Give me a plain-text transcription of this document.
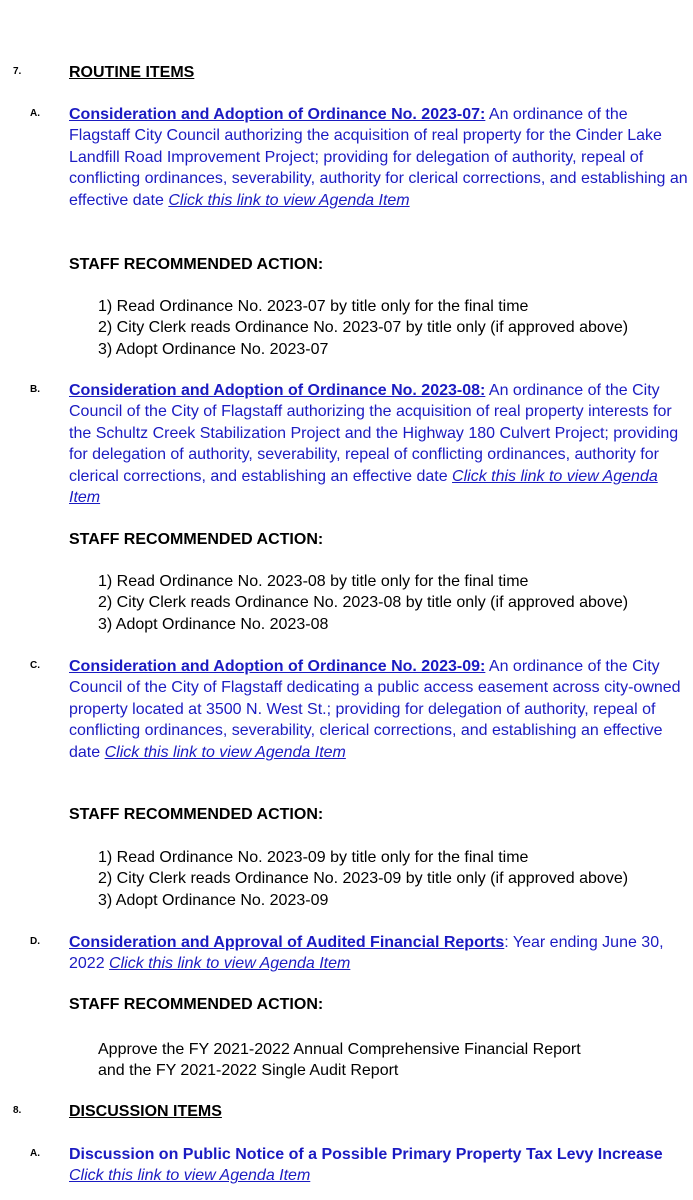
7.	ROUTINE ITEMS
A. Consideration and Adoption of Ordinance No. 2023-07: An ordinance of the Flagstaff City Council authorizing the acquisition of real property for the Cinder Lake Landfill Road Improvement Project; providing for delegation of authority, repeal of conflicting ordinances, severability, authority for clerical corrections, and establishing an effective date Click this link to view Agenda Item
STAFF RECOMMENDED ACTION:
1) Read Ordinance No. 2023-07 by title only for the final time
2) City Clerk reads Ordinance No. 2023-07 by title only (if approved above)
3) Adopt Ordinance No. 2023-07
B. Consideration and Adoption of Ordinance No. 2023-08: An ordinance of the City Council of the City of Flagstaff authorizing the acquisition of real property interests for the Schultz Creek Stabilization Project and the Highway 180 Culvert Project; providing for delegation of authority, severability, repeal of conflicting ordinances, authority for clerical corrections, and establishing an effective date Click this link to view Agenda Item
STAFF RECOMMENDED ACTION:
1) Read Ordinance No. 2023-08 by title only for the final time
2) City Clerk reads Ordinance No. 2023-08 by title only (if approved above)
3) Adopt Ordinance No. 2023-08
C. Consideration and Adoption of Ordinance No. 2023-09: An ordinance of the City Council of the City of Flagstaff dedicating a public access easement across city-owned property located at 3500 N. West St.; providing for delegation of authority, repeal of conflicting ordinances, severability, clerical corrections, and establishing an effective date Click this link to view Agenda Item
STAFF RECOMMENDED ACTION:
1) Read Ordinance No. 2023-09 by title only for the final time
2) City Clerk reads Ordinance No. 2023-09 by title only (if approved above)
3) Adopt Ordinance No. 2023-09
D. Consideration and Approval of Audited Financial Reports: Year ending June 30, 2022 Click this link to view Agenda Item
STAFF RECOMMENDED ACTION:
Approve the FY 2021-2022 Annual Comprehensive Financial Report
and the FY 2021-2022 Single Audit Report
8.	DISCUSSION ITEMS
A. Discussion on Public Notice of a Possible Primary Property Tax Levy Increase Click this link to view Agenda Item
